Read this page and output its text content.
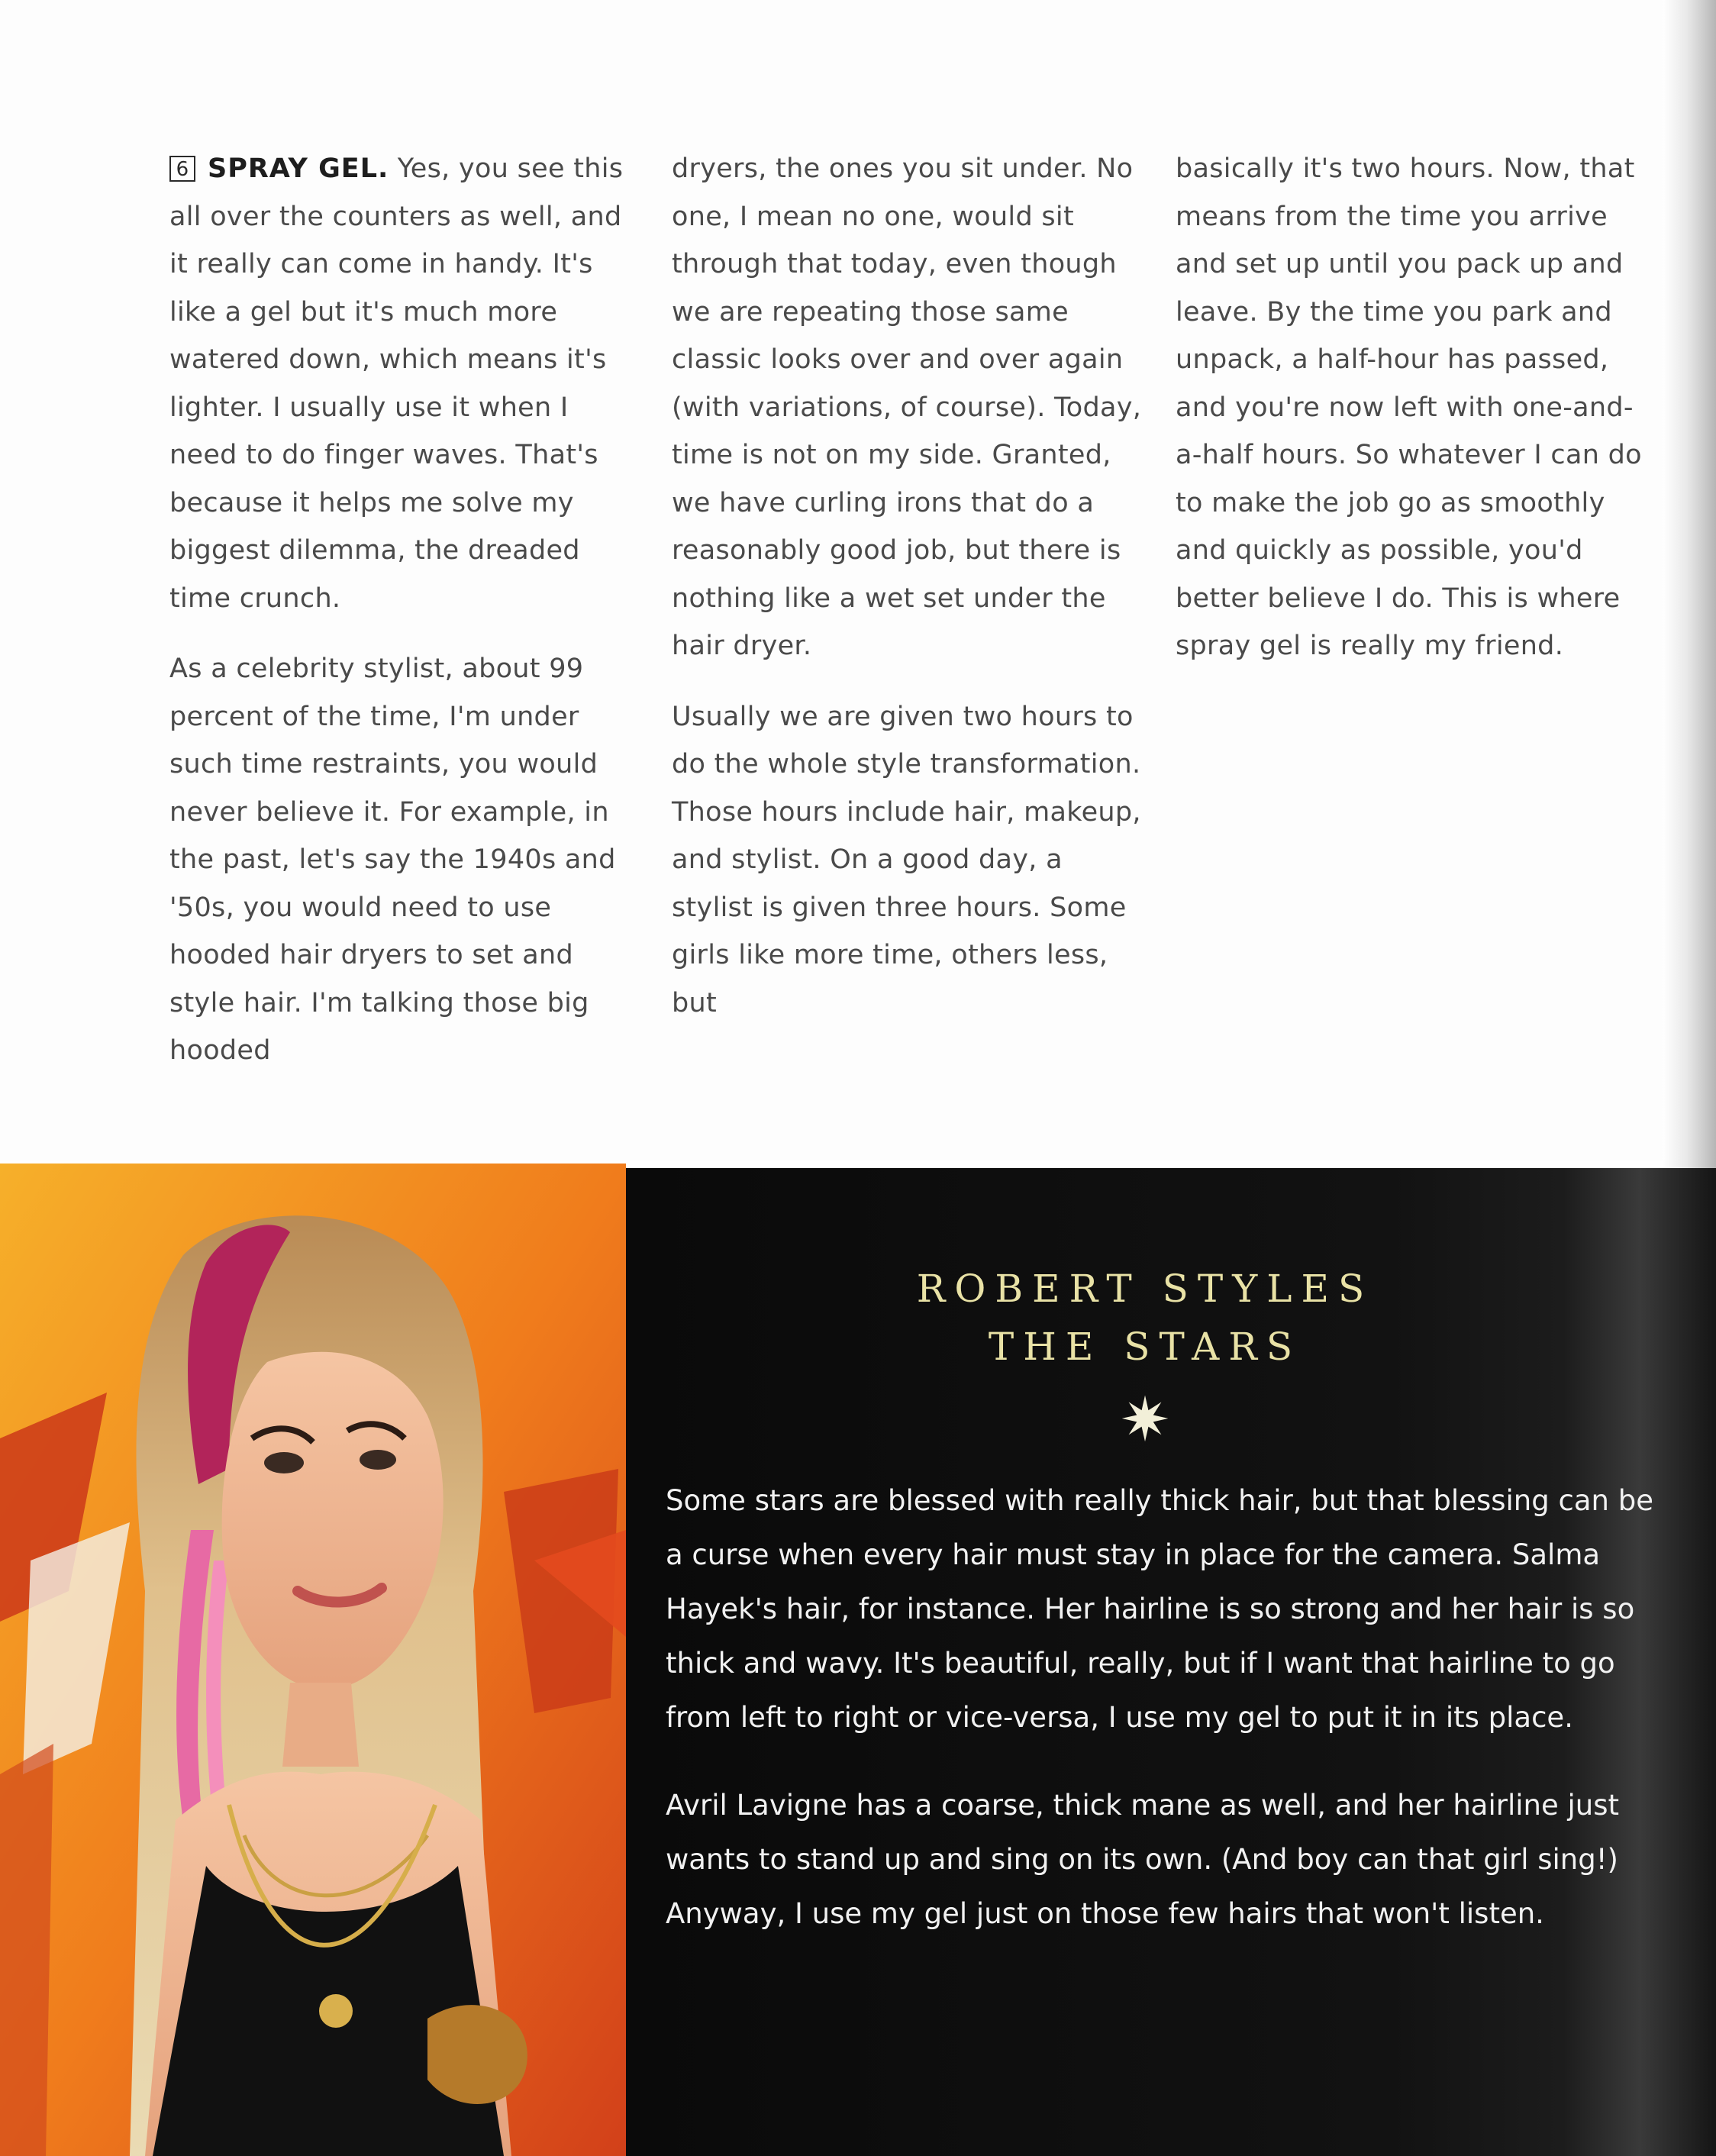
6 SPRAY GEL. Yes, you see this all over the counters as well, and it really can come in handy. It's like a gel but it's much more watered down, which means it's lighter. I usually use it when I need to do finger waves. That's because it helps me solve my biggest dilemma, the dreaded time crunch.

As a celebrity stylist, about 99 percent of the time, I'm under such time restraints, you would never believe it. For example, in the past, let's say the 1940s and '50s, you would need to use hooded hair dryers to set and style hair. I'm talking those big hooded

dryers, the ones you sit under. No one, I mean no one, would sit through that today, even though we are repeating those same classic looks over and over again (with variations, of course). Today, time is not on my side. Granted, we have curling irons that do a reasonably good job, but there is nothing like a wet set under the hair dryer.

Usually we are given two hours to do the whole style transformation. Those hours include hair, makeup, and stylist. On a good day, a stylist is given three hours. Some girls like more time, others less, but

basically it's two hours. Now, that means from the time you arrive and set up until you pack up and leave. By the time you park and unpack, a half-hour has passed, and you're now left with one-and-a-half hours. So whatever I can do to make the job go as smoothly and quickly as possible, you'd better believe I do. This is where spray gel is really my friend.

ROBERT STYLES
THE STARS
✷

Some stars are blessed with really thick hair, but that blessing can be a curse when every hair must stay in place for the camera. Salma Hayek's hair, for instance. Her hairline is so strong and her hair is so thick and wavy. It's beautiful, really, but if I want that hairline to go from left to right or vice-versa, I use my gel to put it in its place.

Avril Lavigne has a coarse, thick mane as well, and her hairline just wants to stand up and sing on its own. (And boy can that girl sing!) Anyway, I use my gel just on those few hairs that won't listen.
